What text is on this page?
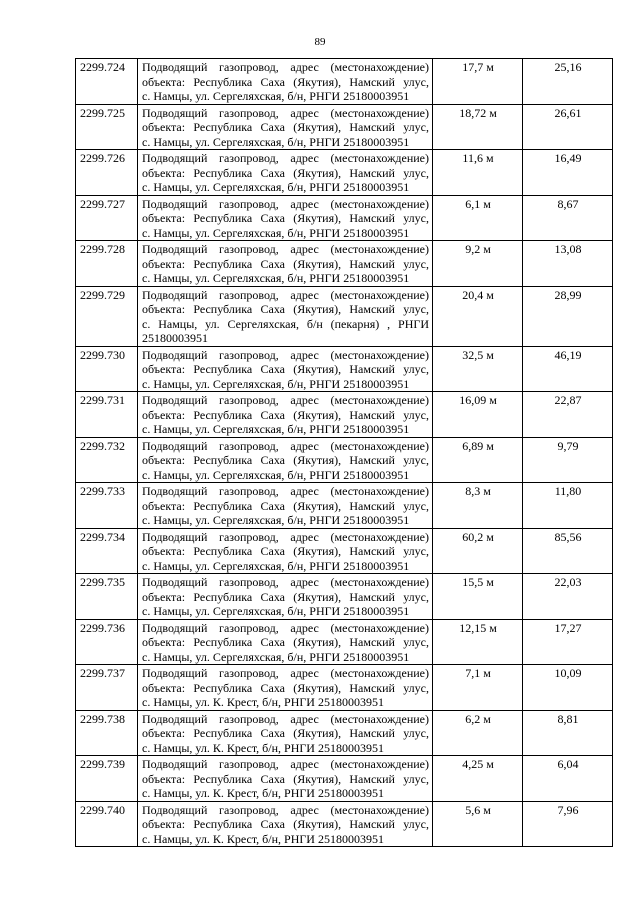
89
2299.724	Подводящий газопровод, адрес (местонахождение)
объекта: Республика Саха (Якутия), Намский улус,
с. Намцы, ул. Сергеляхская, б/н, РНГИ 25180003951	17,7 м	25,16
2299.725	Подводящий газопровод, адрес (местонахождение)
объекта: Республика Саха (Якутия), Намский улус,
с. Намцы, ул. Сергеляхская, б/н, РНГИ 25180003951	18,72 м	26,61
2299.726	Подводящий газопровод, адрес (местонахождение)
объекта: Республика Саха (Якутия), Намский улус,
с. Намцы, ул. Сергеляхская, б/н, РНГИ 25180003951	11,6 м	16,49
2299.727	Подводящий газопровод, адрес (местонахождение)
объекта: Республика Саха (Якутия), Намский улус,
с. Намцы, ул. Сергеляхская, б/н, РНГИ 25180003951	6,1 м	8,67
2299.728	Подводящий газопровод, адрес (местонахождение)
объекта: Республика Саха (Якутия), Намский улус,
с. Намцы, ул. Сергеляхская, б/н, РНГИ 25180003951	9,2 м	13,08
2299.729	Подводящий газопровод, адрес (местонахождение)
объекта: Республика Саха (Якутия), Намский улус,
с. Намцы, ул. Сергеляхская, б/н (пекарня) , РНГИ
25180003951	20,4 м	28,99
2299.730	Подводящий газопровод, адрес (местонахождение)
объекта: Республика Саха (Якутия), Намский улус,
с. Намцы, ул. Сергеляхская, б/н, РНГИ 25180003951	32,5 м	46,19
2299.731	Подводящий газопровод, адрес (местонахождение)
объекта: Республика Саха (Якутия), Намский улус,
с. Намцы, ул. Сергеляхская, б/н, РНГИ 25180003951	16,09 м	22,87
2299.732	Подводящий газопровод, адрес (местонахождение)
объекта: Республика Саха (Якутия), Намский улус,
с. Намцы, ул. Сергеляхская, б/н, РНГИ 25180003951	6,89 м	9,79
2299.733	Подводящий газопровод, адрес (местонахождение)
объекта: Республика Саха (Якутия), Намский улус,
с. Намцы, ул. Сергеляхская, б/н, РНГИ 25180003951	8,3 м	11,80
2299.734	Подводящий газопровод, адрес (местонахождение)
объекта: Республика Саха (Якутия), Намский улус,
с. Намцы, ул. Сергеляхская, б/н, РНГИ 25180003951	60,2 м	85,56
2299.735	Подводящий газопровод, адрес (местонахождение)
объекта: Республика Саха (Якутия), Намский улус,
с. Намцы, ул. Сергеляхская, б/н, РНГИ 25180003951	15,5 м	22,03
2299.736	Подводящий газопровод, адрес (местонахождение)
объекта: Республика Саха (Якутия), Намский улус,
с. Намцы, ул. Сергеляхская, б/н, РНГИ 25180003951	12,15 м	17,27
2299.737	Подводящий газопровод, адрес (местонахождение)
объекта: Республика Саха (Якутия), Намский улус,
с. Намцы, ул. К. Крест, б/н, РНГИ 25180003951	7,1 м	10,09
2299.738	Подводящий газопровод, адрес (местонахождение)
объекта: Республика Саха (Якутия), Намский улус,
с. Намцы, ул. К. Крест, б/н, РНГИ 25180003951	6,2 м	8,81
2299.739	Подводящий газопровод, адрес (местонахождение)
объекта: Республика Саха (Якутия), Намский улус,
с. Намцы, ул. К. Крест, б/н, РНГИ 25180003951	4,25 м	6,04
2299.740	Подводящий газопровод, адрес (местонахождение)
объекта: Республика Саха (Якутия), Намский улус,
с. Намцы, ул. К. Крест, б/н, РНГИ 25180003951	5,6 м	7,96
